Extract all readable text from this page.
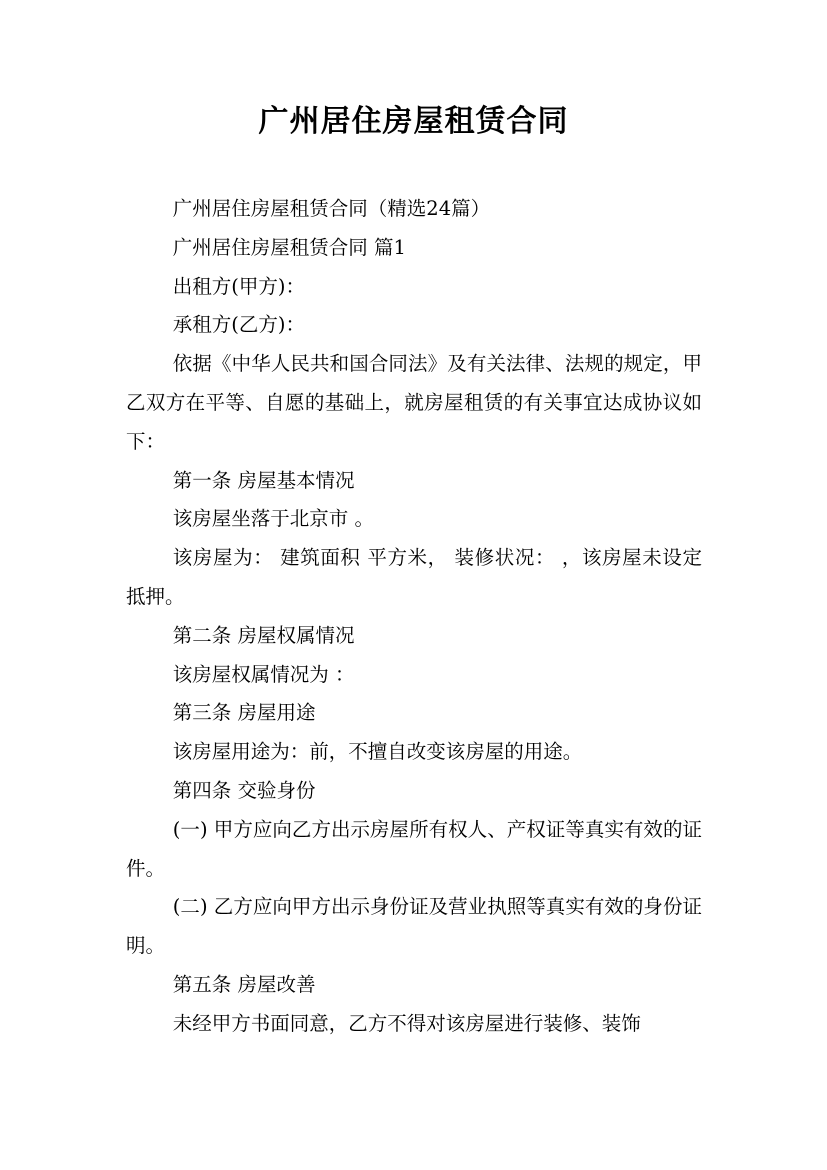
广州居住房屋租赁合同

广州居住房屋租赁合同（精选24篇）

广州居住房屋租赁合同 篇1

出租方(甲方)：

承租方(乙方)：

依据《中华人民共和国合同法》及有关法律、法规的规定，甲乙双方在平等、自愿的基础上，就房屋租赁的有关事宜达成协议如下：

第一条 房屋基本情况

该房屋坐落于北京市 。

该房屋为： 建筑面积 平方米， 装修状况： ，该房屋未设定抵押。

第二条 房屋权属情况

该房屋权属情况为 ：

第三条 房屋用途

该房屋用途为：前，不擅自改变该房屋的用途。

第四条 交验身份

(一) 甲方应向乙方出示房屋所有权人、产权证等真实有效的证件。

(二) 乙方应向甲方出示身份证及营业执照等真实有效的身份证明。

第五条 房屋改善

未经甲方书面同意，乙方不得对该房屋进行装修、装饰
